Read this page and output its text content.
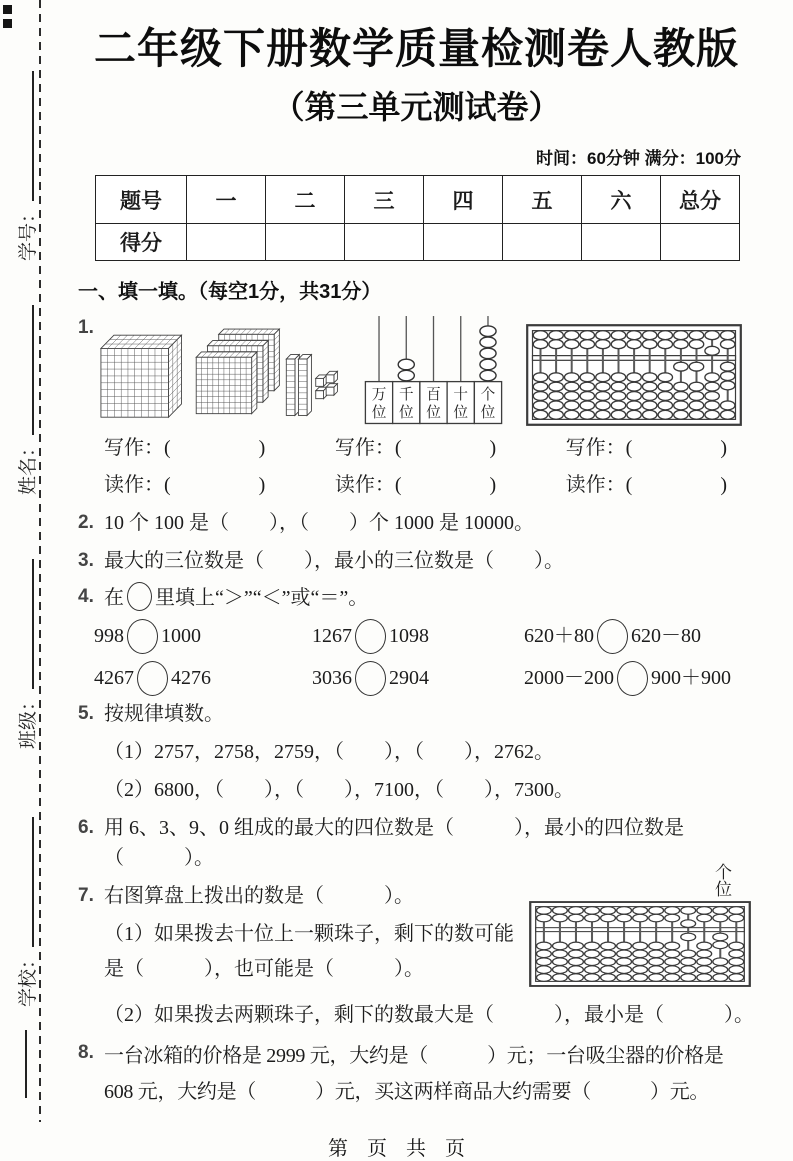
学号：
姓名：
班级：
学校：
二年级下册数学质量检测卷人教版
（第三单元测试卷）
时间：60分钟 满分：100分
题号	一	二	三	四	五	六	总分
得分							
一、填一填。（每空1分，共31分）
1.
万
位
千
位
百
位
十
位
个
位
写作：(	)	写作：(	)	写作：(	)
读作：(	)	读作：(	)	读作：(	)
2. 10 个 100 是（　　），（　　）个 1000 是 10000。
3. 最大的三位数是（　　），最小的三位数是（　　）。
4. 在 里填上“＞”“＜”或“＝”。
998 1000	1267 1098	620＋80 620－80
4267 4276	3036 2904	2000－200 900＋900
5. 按规律填数。
（1）2757，2758，2759，（　　），（　　），2762。
（2）6800，（　　），（　　），7100，（　　），7300。
6. 用 6、3、9、0 组成的最大的四位数是（　　　），最小的四位数是（　　　）。
个位
7. 右图算盘上拨出的数是（　　　）。
（1）如果拨去十位上一颗珠子，剩下的数可能是（　　　），也可能是（　　　）。
（2）如果拨去两颗珠子，剩下的数最大是（　　　），最小是（　　　）。
8. 一台冰箱的价格是 2999 元，大约是（　　　）元；一台吸尘器的价格是 608 元，大约是（　　　）元，买这两样商品大约需要（　　　）元。
第 页 共 页
